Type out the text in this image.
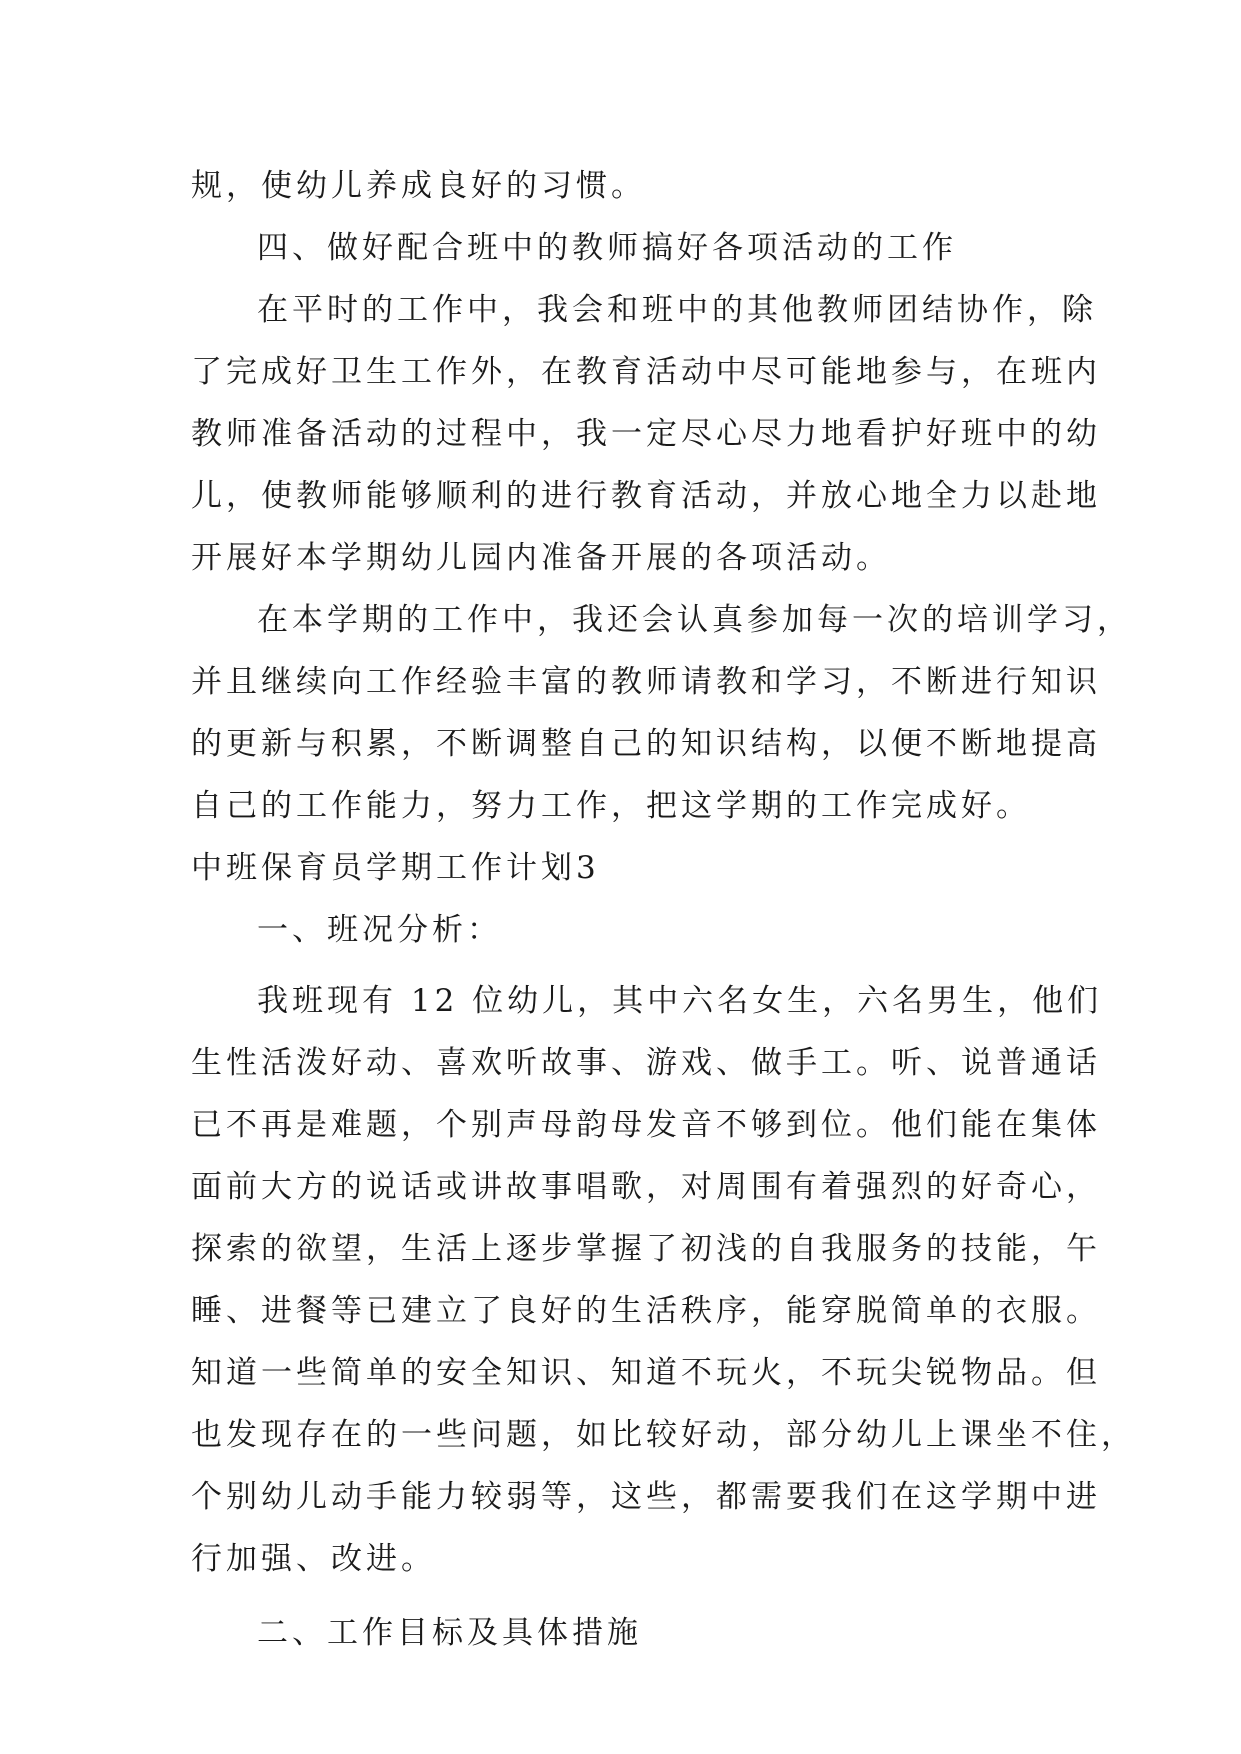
规，使幼儿养成良好的习惯。
四、做好配合班中的教师搞好各项活动的工作
在平时的工作中，我会和班中的其他教师团结协作，除
了完成好卫生工作外，在教育活动中尽可能地参与，在班内
教师准备活动的过程中，我一定尽心尽力地看护好班中的幼
儿，使教师能够顺利的进行教育活动，并放心地全力以赴地
开展好本学期幼儿园内准备开展的各项活动。
在本学期的工作中，我还会认真参加每一次的培训学习，
并且继续向工作经验丰富的教师请教和学习，不断进行知识
的更新与积累，不断调整自己的知识结构，以便不断地提高
自己的工作能力，努力工作，把这学期的工作完成好。
中班保育员学期工作计划3
一、班况分析：
我班现有 12 位幼儿，其中六名女生，六名男生，他们
生性活泼好动、喜欢听故事、游戏、做手工。听、说普通话
已不再是难题，个别声母韵母发音不够到位。他们能在集体
面前大方的说话或讲故事唱歌，对周围有着强烈的好奇心，
探索的欲望，生活上逐步掌握了初浅的自我服务的技能，午
睡、进餐等已建立了良好的生活秩序，能穿脱简单的衣服。
知道一些简单的安全知识、知道不玩火，不玩尖锐物品。但
也发现存在的一些问题，如比较好动，部分幼儿上课坐不住，
个别幼儿动手能力较弱等，这些，都需要我们在这学期中进
行加强、改进。
二、工作目标及具体措施
